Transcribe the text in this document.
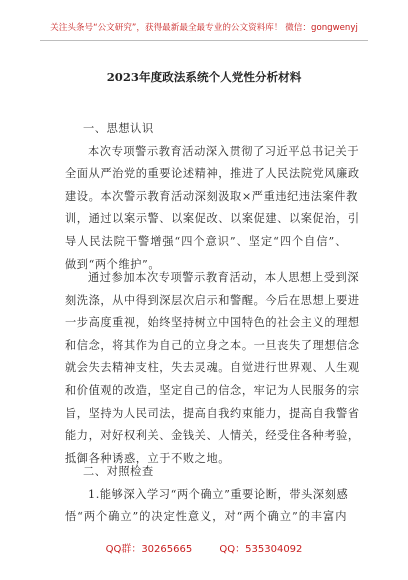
关注头条号“公文研究”，获得最新最全最专业的公文资料库！ 微信：gongwenyj
2023年度政法系统个人党性分析材料
一、思想认识
本次专项警示教育活动深入贯彻了习近平总书记关于
全面从严治党的重要论述精神，推进了人民法院党风廉政
建设。本次警示教育活动深刻汲取×严重违纪违法案件教
训，通过以案示警、以案促改、以案促建、以案促治，引
导人民法院干警增强“四个意识”、坚定“四个自信”、
做到“两个维护”。
通过参加本次专项警示教育活动，本人思想上受到深
刻洗涤，从中得到深层次启示和警醒。今后在思想上要进
一步高度重视，始终坚持树立中国特色的社会主义的理想
和信念，将其作为自己的立身之本。一旦丧失了理想信念
就会失去精神支柱，失去灵魂。自觉进行世界观、人生观
和价值观的改造，坚定自己的信念，牢记为人民服务的宗
旨，坚持为人民司法，提高自我约束能力，提高自我警省
能力，对好权利关、金钱关、人情关，经受住各种考验，
抵御各种诱惑，立于不败之地。
二、对照检查
1.能够深入学习“两个确立”重要论断，带头深刻感
悟“两个确立”的决定性意义，对“两个确立”的丰富内
QQ群：30265665	QQ：535304092
